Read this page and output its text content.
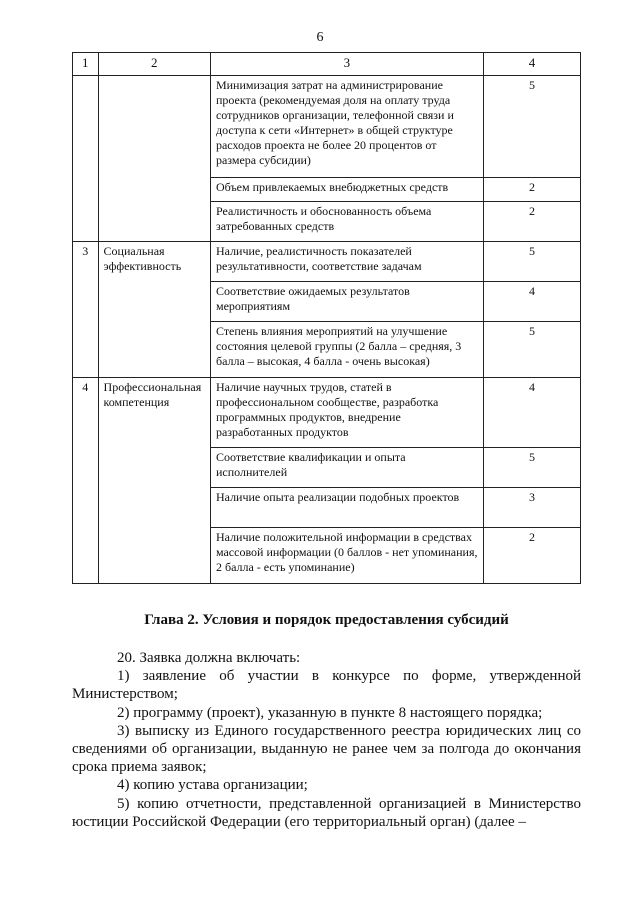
6
1	2	3	4
		Минимизация затрат на администрирование проекта (рекомендуемая доля на оплату труда сотрудников организации, телефонной связи и доступа к сети «Интернет» в общей структуре расходов проекта не более 20 процентов от размера субсидии)	5
		Объем привлекаемых внебюджетных средств	2
		Реалистичность и обоснованность объема затребованных средств	2
3	Социальная эффективность	Наличие, реалистичность показателей результативности, соответствие задачам	5
		Соответствие ожидаемых результатов мероприятиям	4
		Степень влияния мероприятий на улучшение состояния целевой группы (2 балла – средняя, 3 балла – высокая, 4 балла - очень высокая)	5
4	Профессиональная компетенция	Наличие научных трудов, статей в профессиональном сообществе, разработка программных продуктов, внедрение разработанных продуктов	4
		Соответствие квалификации и опыта исполнителей	5
		Наличие опыта реализации подобных проектов	3
		Наличие положительной информации в средствах массовой информации (0 баллов - нет упоминания, 2 балла - есть упоминание)	2
Глава 2. Условия и порядок предоставления субсидий

20. Заявка должна включать:

1) заявление об участии в конкурсе по форме, утвержденной Министерством;

2) программу (проект), указанную в пункте 8 настоящего порядка;

3) выписку из Единого государственного реестра юридических лиц со сведениями об организации, выданную не ранее чем за полгода до окончания срока приема заявок;

4) копию устава организации;

5) копию отчетности, представленной организацией в Министерство юстиции Российской Федерации (его территориальный орган) (далее –
